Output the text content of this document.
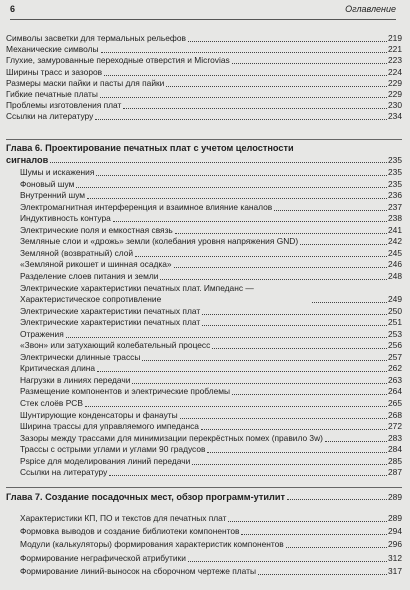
6	Оглавление
Символы засветки для термальных рельефов	219
Механические символы	221
Глухие, замурованные переходные отверстия и Microvias	223
Ширины трасс и зазоров	224
Размеры маски пайки и пасты для пайки	229
Гибкие печатные платы	229
Проблемы изготовления плат	230
Ссылки на литературу	234
Глава 6. Проектирование печатных плат с учетом целостности
сигналов	235
Шумы и искажения	235
Фоновый шум	235
Внутренний шум	236
Электромагнитная интерференция и взаимное влияние каналов	237
Индуктивность контура	238
Электрические поля и емкостная связь	241
Земляные слои и «дрожь» земли (колебания уровня напряжения GND)	242
Земляной (возвратный) слой	245
«Земляной рикошет и шинная осадка»	246
Разделение слоев питания и земли	248
Электрические характеристики печатных плат. Импеданс — Характеристическое сопротивление	249
Электрические характеристики печатных плат	250
Электрические характеристики печатных плат	251
Отражения	253
«Звон» или затухающий колебательный процесс	256
Электрически длинные трассы	257
Критическая длина	262
Нагрузки в линиях передачи	263
Размещение компонентов и электрические проблемы	264
Стек слоёв PCB	265
Шунтирующие конденсаторы и фанауты	268
Ширина трассы для управляемого импеданса	272
Зазоры между трассами для минимизации перекрёстных помех (правило 3w)	283
Трассы с острыми углами и углами 90 градусов	284
Pspice для моделирования линий передачи	285
Ссылки на литературу	287
Глава 7. Создание посадочных мест, обзор программ-утилит	289
Характеристики КП, ПО и текстов для печатных плат	289
Формовка выводов и создание библиотеки компонентов	294
Модули (калькуляторы) формирования характеристик компонентов	296
Формирование неграфической атрибутики	312
Формирование линий-выносок на сборочном чертеже платы	317
